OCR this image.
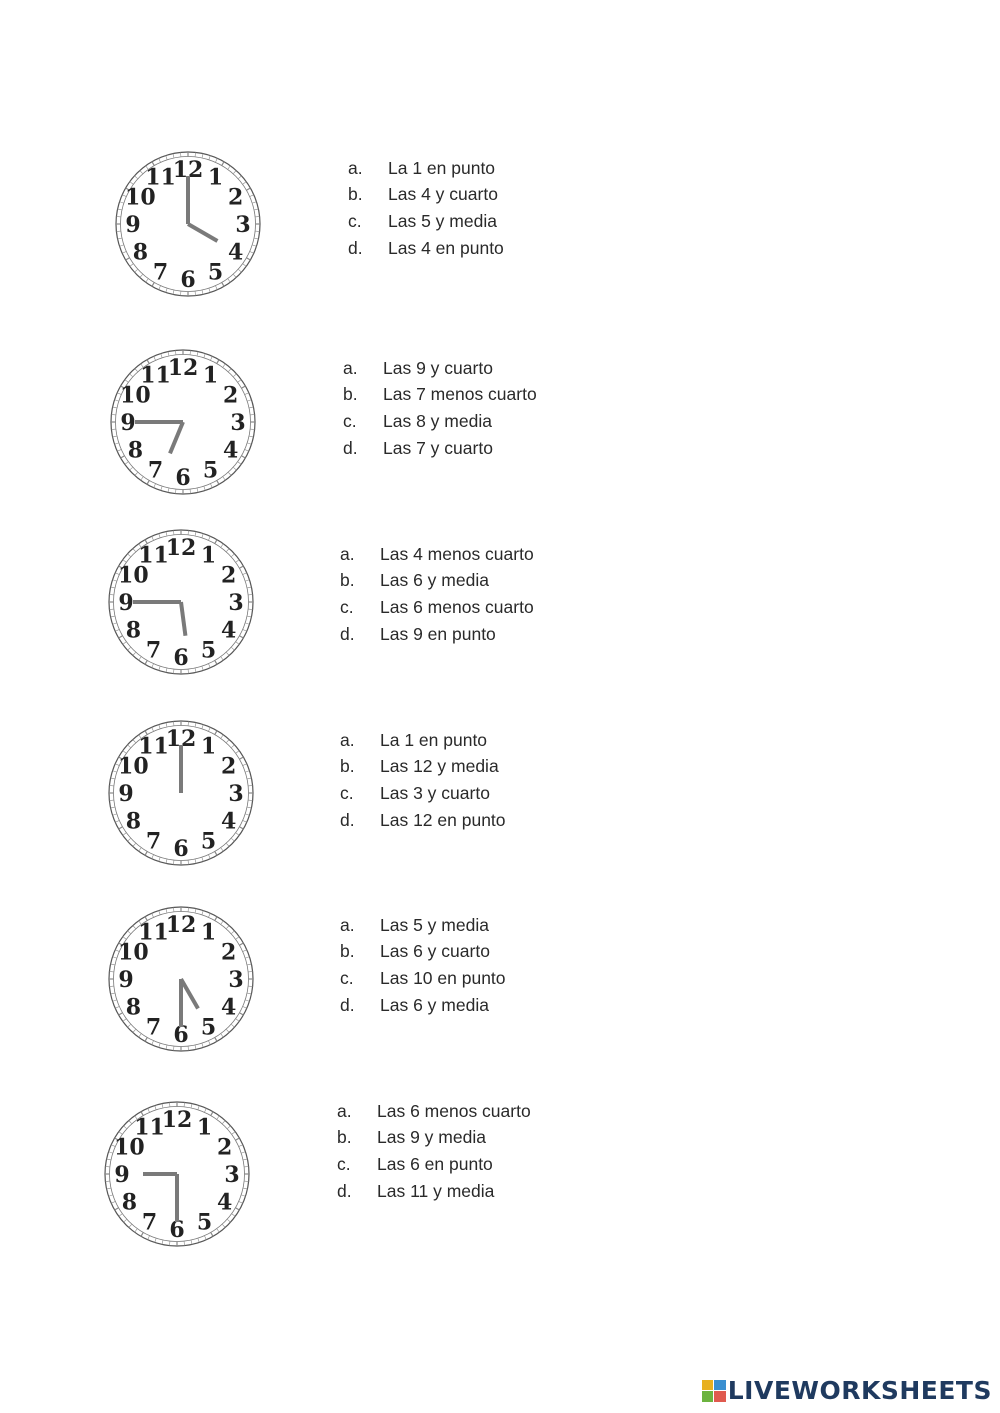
12 1
2
3
4
5
6
7
8
9
10
11	a.	La 1 en punto
b.	Las 4 y cuarto
c.	Las 5 y media
d.	Las 4 en punto
12 1
2
3
4
5
6
7
8
9
10
11	a.	Las 9 y cuarto
b.	Las 7 menos cuarto
c.	Las 8 y media
d.	Las 7 y cuarto
12 1
2
3
4
5
6
7
8
9
10
11	a.	Las 4 menos cuarto
b.	Las 6 y media
c.	Las 6 menos cuarto
d.	Las 9 en punto
12 1
2
3
4
5
6
7
8
9
10
11	a.	La 1 en punto
b.	Las 12 y media
c.	Las 3 y cuarto
d.	Las 12 en punto
12 1
2
3
4
5
6
7
8
9
10
11	a.	Las 5 y media
b.	Las 6 y cuarto
c.	Las 10 en punto
d.	Las 6 y media
12 1
2
3
4
5
6
7
8
9
10
11
a.	Las 6 menos cuarto
b.	Las 9 y media
c.	Las 6 en punto
d.	Las 11 y media
LIVEWORKSHEETS
